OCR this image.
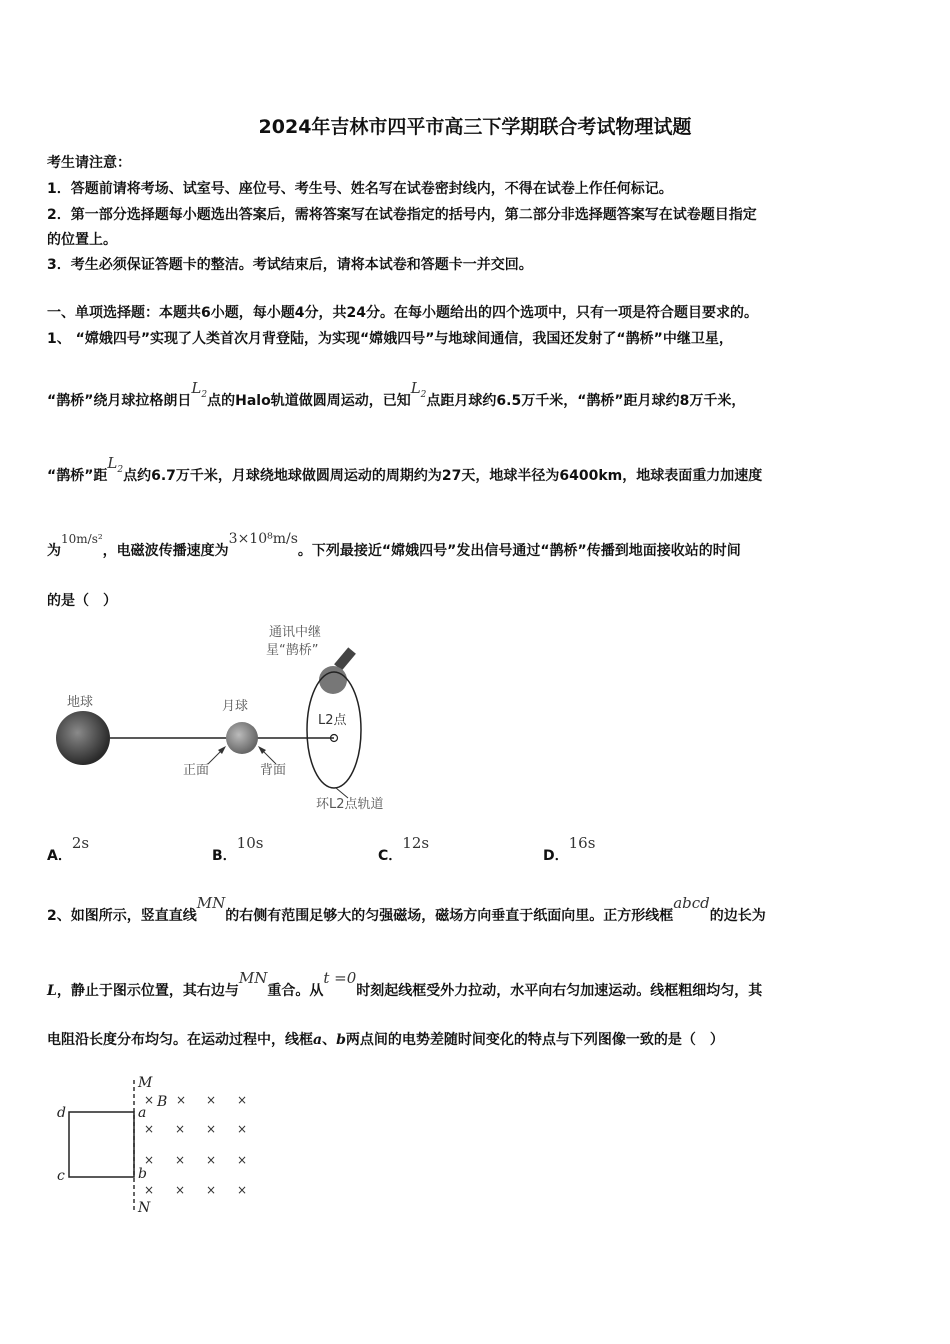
2024年吉林市四平市高三下学期联合考试物理试题
考生请注意：
1．答题前请将考场、试室号、座位号、考生号、姓名写在试卷密封线内，不得在试卷上作任何标记。
2．第一部分选择题每小题选出答案后，需将答案写在试卷指定的括号内，第二部分非选择题答案写在试卷题目指定
的位置上。
3．考生必须保证答题卡的整洁。考试结束后，请将本试卷和答题卡一并交回。
一、单项选择题：本题共6小题，每小题4分，共24分。在每小题给出的四个选项中，只有一项是符合题目要求的。
1、 “嫦娥四号”实现了人类首次月背登陆，为实现“嫦娥四号”与地球间通信，我国还发射了“鹊桥”中继卫星，
“鹊桥”绕月球拉格朗日$L_2$点的Halo轨道做圆周运动，已知$L_2$点距月球约6.5万千米，“鹊桥”距月球约8万千米，
“鹊桥”距$L_2$点约6.7万千米，月球绕地球做圆周运动的周期约为27天，地球半径为6400km，地球表面重力加速度
为10m/s²，电磁波传播速度为3×10⁸m/s。下列最接近“嫦娥四号”发出信号通过“鹊桥”传播到地面接收站的时间
的是（　）
通讯中继
星“鹊桥”
地球	月球
L2点
正面	背面
环L2点轨道
A．2s
B．10s
C．12s
D．16s
2、如图所示，竖直直线MN的右侧有范围足够大的匀强磁场，磁场方向垂直于纸面向里。正方形线框abcd的边长为
L，静止于图示位置，其右边与MN重合。从t =0时刻起线框受外力拉动，水平向右匀加速运动。线框粗细均匀，其
电阻沿长度分布均匀。在运动过程中，线框a、b两点间的电势差随时间变化的特点与下列图像一致的是（　）
M
N
B
a
b
d
c
× × × ×
× × × ×
× × × ×
× × × ×
